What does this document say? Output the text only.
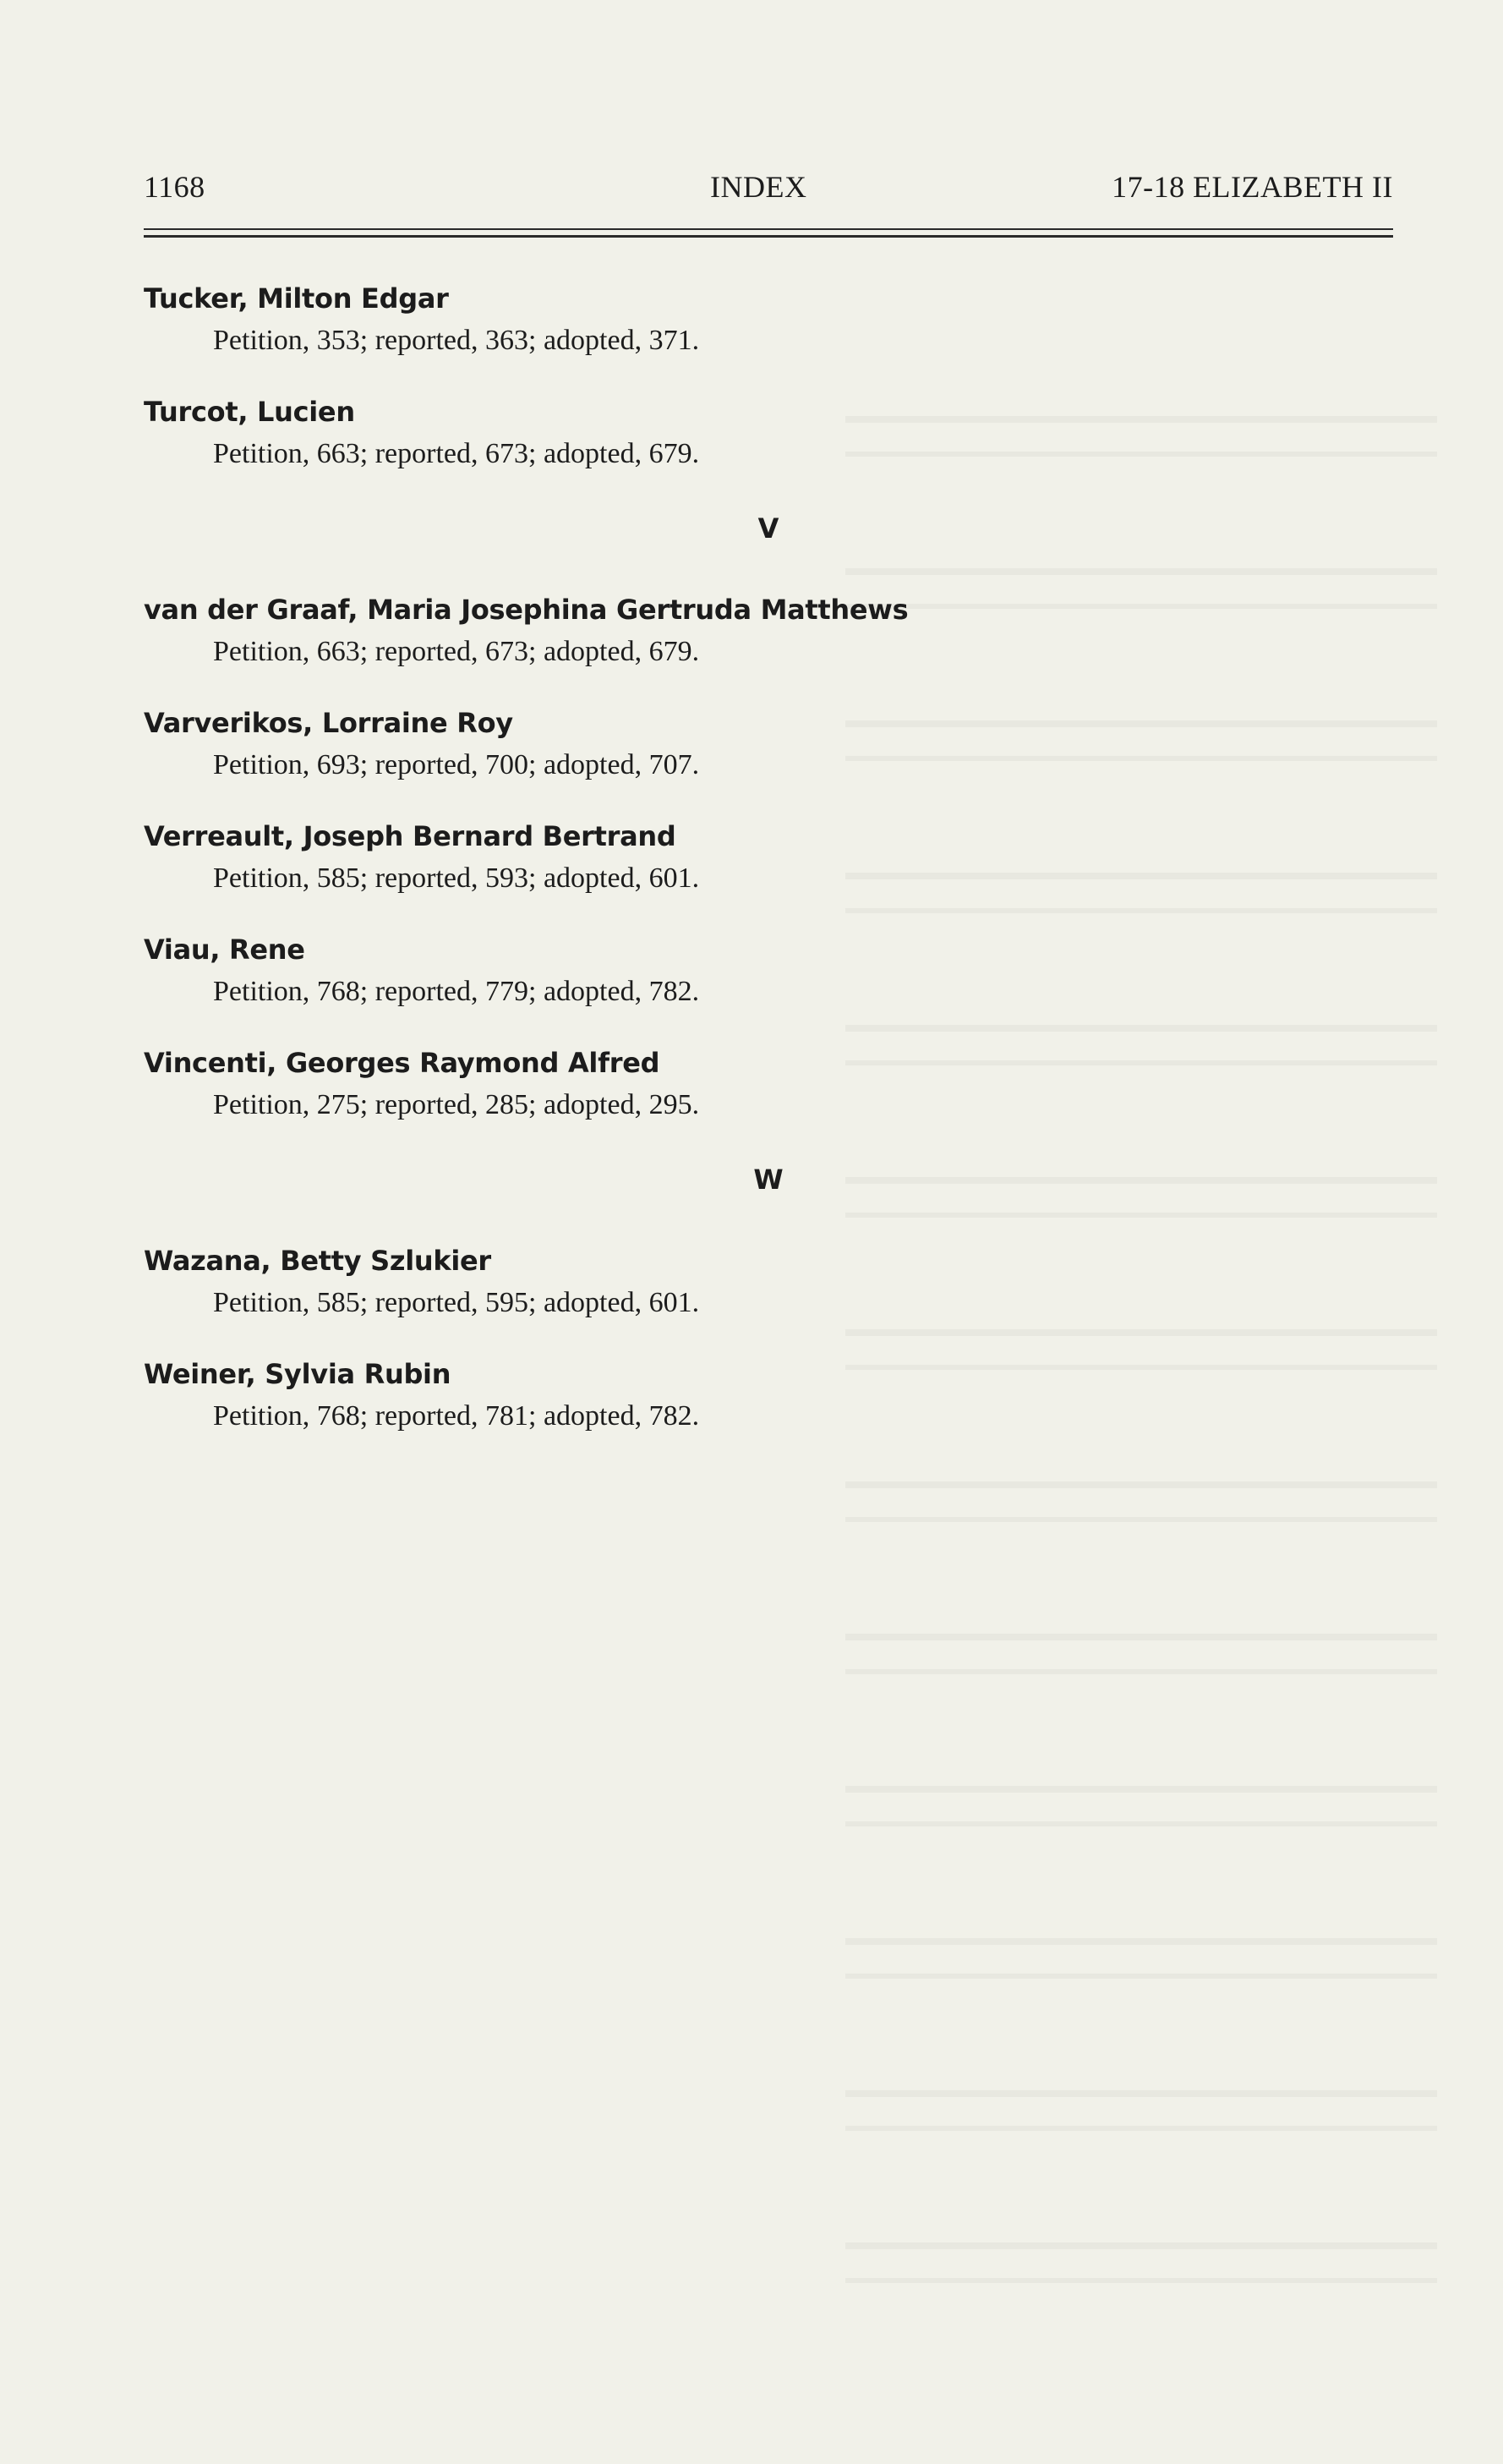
1168	INDEX	17-18 ELIZABETH II
Tucker, Milton Edgar
Petition, 353; reported, 363; adopted, 371.
Turcot, Lucien
Petition, 663; reported, 673; adopted, 679.
V
van der Graaf, Maria Josephina Gertruda Matthews
Petition, 663; reported, 673; adopted, 679.
Varverikos, Lorraine Roy
Petition, 693; reported, 700; adopted, 707.
Verreault, Joseph Bernard Bertrand
Petition, 585; reported, 593; adopted, 601.
Viau, Rene
Petition, 768; reported, 779; adopted, 782.
Vincenti, Georges Raymond Alfred
Petition, 275; reported, 285; adopted, 295.
W
Wazana, Betty Szlukier
Petition, 585; reported, 595; adopted, 601.
Weiner, Sylvia Rubin
Petition, 768; reported, 781; adopted, 782.
